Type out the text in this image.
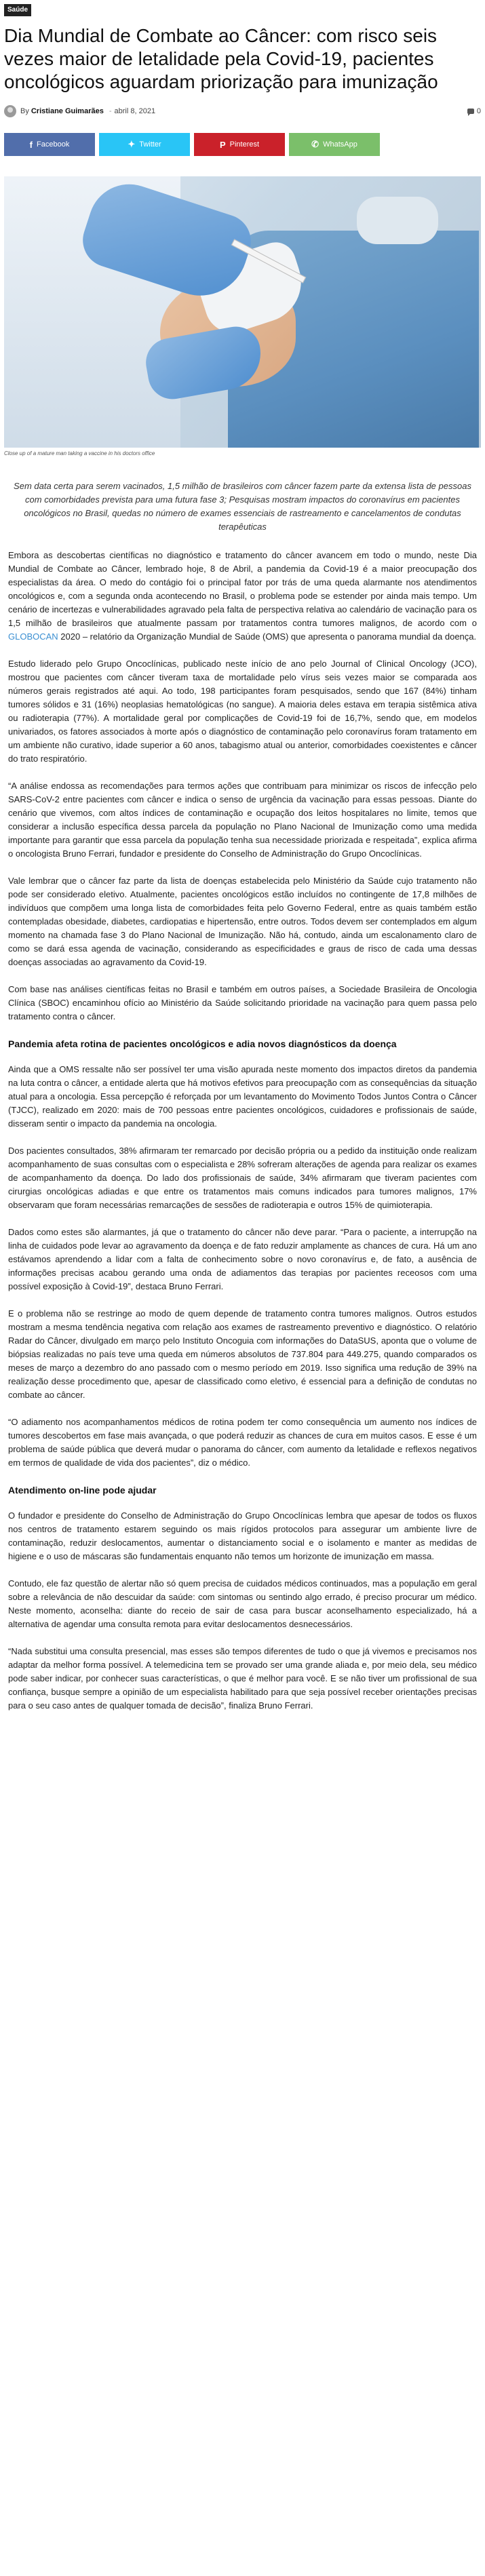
Saúde
Dia Mundial de Combate ao Câncer: com risco seis vezes maior de letalidade pela Covid-19, pacientes oncológicos aguardam priorização para imunização
By Cristiane Guimarães - abril 8, 2021	0
f Facebook	✦ Twitter	P Pinterest	✆ WhatsApp
Close up of a mature man taking a vaccine in his doctors office

Sem data certa para serem vacinados, 1,5 milhão de brasileiros com câncer fazem parte da extensa lista de pessoas com comorbidades prevista para uma futura fase 3; Pesquisas mostram impactos do coronavírus em pacientes oncológicos no Brasil, quedas no número de exames essenciais de rastreamento e cancelamentos de condutas terapêuticas

Embora as descobertas científicas no diagnóstico e tratamento do câncer avancem em todo o mundo, neste Dia Mundial de Combate ao Câncer, lembrado hoje, 8 de Abril, a pandemia da Covid-19 é a maior preocupação dos especialistas da área. O medo do contágio foi o principal fator por trás de uma queda alarmante nos atendimentos oncológicos e, com a segunda onda acontecendo no Brasil, o problema pode se estender por ainda mais tempo. Um cenário de incertezas e vulnerabilidades agravado pela falta de perspectiva relativa ao calendário de vacinação para os 1,5 milhão de brasileiros que atualmente passam por tratamentos contra tumores malignos, de acordo com o GLOBOCAN 2020 – relatório da Organização Mundial de Saúde (OMS) que apresenta o panorama mundial da doença.

Estudo liderado pelo Grupo Oncoclínicas, publicado neste início de ano pelo Journal of Clinical Oncology (JCO), mostrou que pacientes com câncer tiveram taxa de mortalidade pelo vírus seis vezes maior se comparada aos números gerais registrados até aqui. Ao todo, 198 participantes foram pesquisados, sendo que 167 (84%) tinham tumores sólidos e 31 (16%) neoplasias hematológicas (no sangue). A maioria deles estava em terapia sistêmica ativa ou radioterapia (77%). A mortalidade geral por complicações de Covid-19 foi de 16,7%, sendo que, em modelos univariados, os fatores associados à morte após o diagnóstico de contaminação pelo coronavírus foram tratamento em um ambiente não curativo, idade superior a 60 anos, tabagismo atual ou anterior, comorbidades coexistentes e câncer do trato respiratório.

“A análise endossa as recomendações para termos ações que contribuam para minimizar os riscos de infecção pelo SARS-CoV-2 entre pacientes com câncer e indica o senso de urgência da vacinação para essas pessoas. Diante do cenário que vivemos, com altos índices de contaminação e ocupação dos leitos hospitalares no limite, temos que considerar a inclusão específica dessa parcela da população no Plano Nacional de Imunização como uma medida importante para garantir que essa parcela da população tenha sua necessidade priorizada e respeitada”, explica afirma o oncologista Bruno Ferrari, fundador e presidente do Conselho de Administração do Grupo Oncoclínicas.

Vale lembrar que o câncer faz parte da lista de doenças estabelecida pelo Ministério da Saúde cujo tratamento não pode ser considerado eletivo. Atualmente, pacientes oncológicos estão incluídos no contingente de 17,8 milhões de indivíduos que compõem uma longa lista de comorbidades feita pelo Governo Federal, entre as quais também estão contempladas obesidade, diabetes, cardiopatias e hipertensão, entre outros. Todos devem ser contemplados em algum momento na chamada fase 3 do Plano Nacional de Imunização. Não há, contudo, ainda um escalonamento claro de como se dará essa agenda de vacinação, considerando as especificidades e graus de risco de cada uma dessas doenças associadas ao agravamento da Covid-19.

Com base nas análises científicas feitas no Brasil e também em outros países, a Sociedade Brasileira de Oncologia Clínica (SBOC) encaminhou ofício ao Ministério da Saúde solicitando prioridade na vacinação para quem passa pelo tratamento contra o câncer.

Pandemia afeta rotina de pacientes oncológicos e adia novos diagnósticos da doença

Ainda que a OMS ressalte não ser possível ter uma visão apurada neste momento dos impactos diretos da pandemia na luta contra o câncer, a entidade alerta que há motivos efetivos para preocupação com as consequências da situação atual para a oncologia. Essa percepção é reforçada por um levantamento do Movimento Todos Juntos Contra o Câncer (TJCC), realizado em 2020: mais de 700 pessoas entre pacientes oncológicos, cuidadores e profissionais de saúde, disseram sentir o impacto da pandemia na oncologia.

Dos pacientes consultados, 38% afirmaram ter remarcado por decisão própria ou a pedido da instituição onde realizam acompanhamento de suas consultas com o especialista e 28% sofreram alterações de agenda para realizar os exames de acompanhamento da doença. Do lado dos profissionais de saúde, 34% afirmaram que tiveram pacientes com cirurgias oncológicas adiadas e que entre os tratamentos mais comuns indicados para tumores malignos, 17% observaram que foram necessárias remarcações de sessões de radioterapia e outros 15% de quimioterapia.

Dados como estes são alarmantes, já que o tratamento do câncer não deve parar. “Para o paciente, a interrupção na linha de cuidados pode levar ao agravamento da doença e de fato reduzir amplamente as chances de cura. Há um ano estávamos aprendendo a lidar com a falta de conhecimento sobre o novo coronavírus e, de fato, a ausência de informações precisas acabou gerando uma onda de adiamentos das terapias por pacientes receosos com uma possível exposição à Covid-19”, destaca Bruno Ferrari.

E o problema não se restringe ao modo de quem depende de tratamento contra tumores malignos. Outros estudos mostram a mesma tendência negativa com relação aos exames de rastreamento preventivo e diagnóstico. O relatório Radar do Câncer, divulgado em março pelo Instituto Oncoguia com informações do DataSUS, aponta que o volume de biópsias realizadas no país teve uma queda em números absolutos de 737.804 para 449.275, quando comparados os meses de março a dezembro do ano passado com o mesmo período em 2019. Isso significa uma redução de 39% na realização desse procedimento que, apesar de classificado como eletivo, é essencial para a definição de condutas no combate ao câncer.

“O adiamento nos acompanhamentos médicos de rotina podem ter como consequência um aumento nos índices de tumores descobertos em fase mais avançada, o que poderá reduzir as chances de cura em muitos casos. E esse é um problema de saúde pública que deverá mudar o panorama do câncer, com aumento da letalidade e reflexos negativos em termos de qualidade de vida dos pacientes”, diz o médico.

Atendimento on-line pode ajudar

O fundador e presidente do Conselho de Administração do Grupo Oncoclínicas lembra que apesar de todos os fluxos nos centros de tratamento estarem seguindo os mais rígidos protocolos para assegurar um ambiente livre de contaminação, reduzir deslocamentos, aumentar o distanciamento social e o isolamento e manter as medidas de higiene e o uso de máscaras são fundamentais enquanto não temos um horizonte de imunização em massa.

Contudo, ele faz questão de alertar não só quem precisa de cuidados médicos continuados, mas a população em geral sobre a relevância de não descuidar da saúde: com sintomas ou sentindo algo errado, é preciso procurar um médico. Neste momento, aconselha: diante do receio de sair de casa para buscar aconselhamento especializado, há a alternativa de agendar uma consulta remota para evitar deslocamentos desnecessários.

“Nada substitui uma consulta presencial, mas esses são tempos diferentes de tudo o que já vivemos e precisamos nos adaptar da melhor forma possível. A telemedicina tem se provado ser uma grande aliada e, por meio dela, seu médico pode saber indicar, por conhecer suas características, o que é melhor para você. E se não tiver um profissional de sua confiança, busque sempre a opinião de um especialista habilitado para que seja possível receber orientações precisas para o seu caso antes de qualquer tomada de decisão”, finaliza Bruno Ferrari.
